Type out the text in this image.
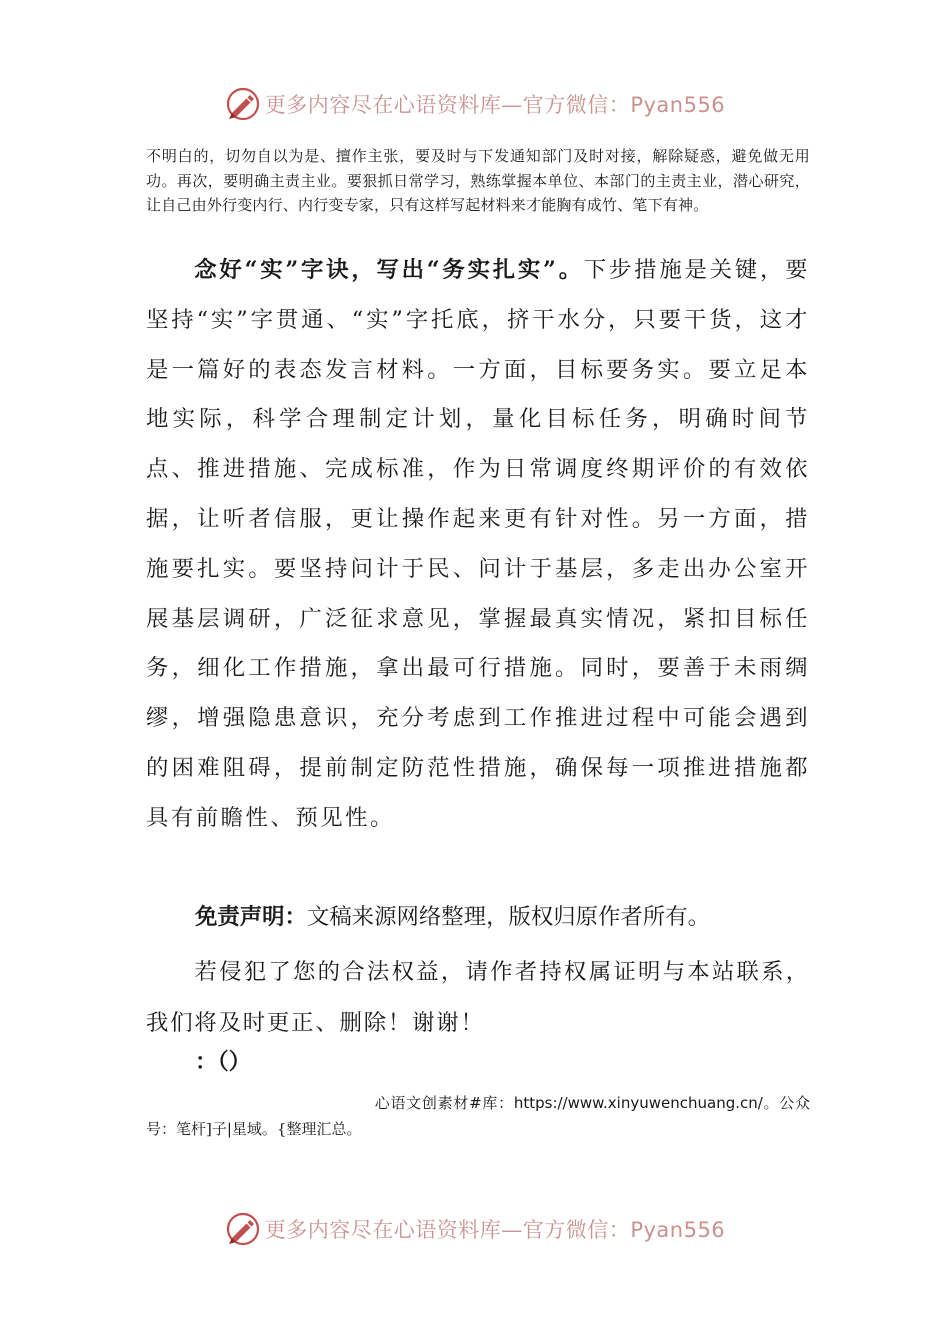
更多内容尽在心语资料库—官方微信：Pyan556
不明白的，切勿自以为是、擅作主张，要及时与下发通知部门及时对接，解除疑惑，避免做无用功。再次，要明确主责主业。要狠抓日常学习，熟练掌握本单位、本部门的主责主业，潜心研究，让自己由外行变内行、内行变专家，只有这样写起材料来才能胸有成竹、笔下有神。
念好“实”字诀，写出“务实扎实”。下步措施是关键，要坚持“实”字贯通、“实”字托底，挤干水分，只要干货，这才是一篇好的表态发言材料。一方面，目标要务实。要立足本地实际，科学合理制定计划，量化目标任务，明确时间节点、推进措施、完成标准，作为日常调度终期评价的有效依据，让听者信服，更让操作起来更有针对性。另一方面，措施要扎实。要坚持问计于民、问计于基层，多走出办公室开展基层调研，广泛征求意见，掌握最真实情况，紧扣目标任务，细化工作措施，拿出最可行措施。同时，要善于未雨绸缪，增强隐患意识，充分考虑到工作推进过程中可能会遇到的困难阻碍，提前制定防范性措施，确保每一项推进措施都具有前瞻性、预见性。
免责声明：文稿来源网络整理，版权归原作者所有。
若侵犯了您的合法权益，请作者持权属证明与本站联系，我们将及时更正、删除！谢谢！
：（）
心语文创素材#库：https://www.xinyuwenchuang.cn/。公众号：笔杆]子|星域。{整理汇总。
更多内容尽在心语资料库—官方微信：Pyan556
